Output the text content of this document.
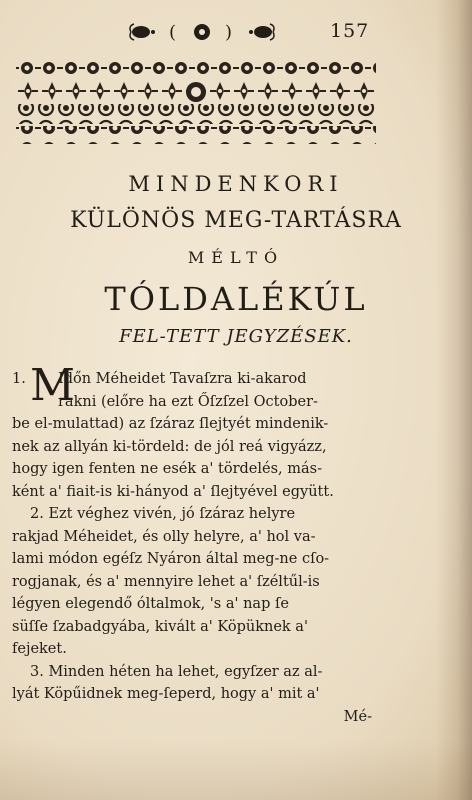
(	)	157
MINDENKORI
KÜLÖNÖS MEG-TARTÁSRA
MÉLTÓ
TÓLDALÉKÚL
FEL-TETT JEGYZÉSEK.
1. M
Időn Méheidet Tavaſzra ki-akarod
rakni (előre ha ezt Őſzſzel October-
be el-mulattad) az ſzáraz ſlejtyét mindenik-
nek az allyán ki-tördeld: de jól reá vigyázz,
hogy igen fenten ne esék a' tördelés, más-
ként a' fiait-is ki-hányod a' ſlejtyével együtt.
2. Ezt véghez vivén, jó ſzáraz helyre
rakjad Méheidet, és olly helyre, a' hol va-
lami módon egéſz Nyáron által meg-ne cſo-
rogjanak, és a' mennyire lehet a' ſzéltűl-is
légyen elegendő óltalmok, 's a' nap ſe
süſſe ſzabadgyába, kivált a' Köpüknek a'
fejeket.
3. Minden héten ha lehet, egyſzer az al-
lyát Köpűidnek meg-ſeperd, hogy a' mit a'
Mé-
